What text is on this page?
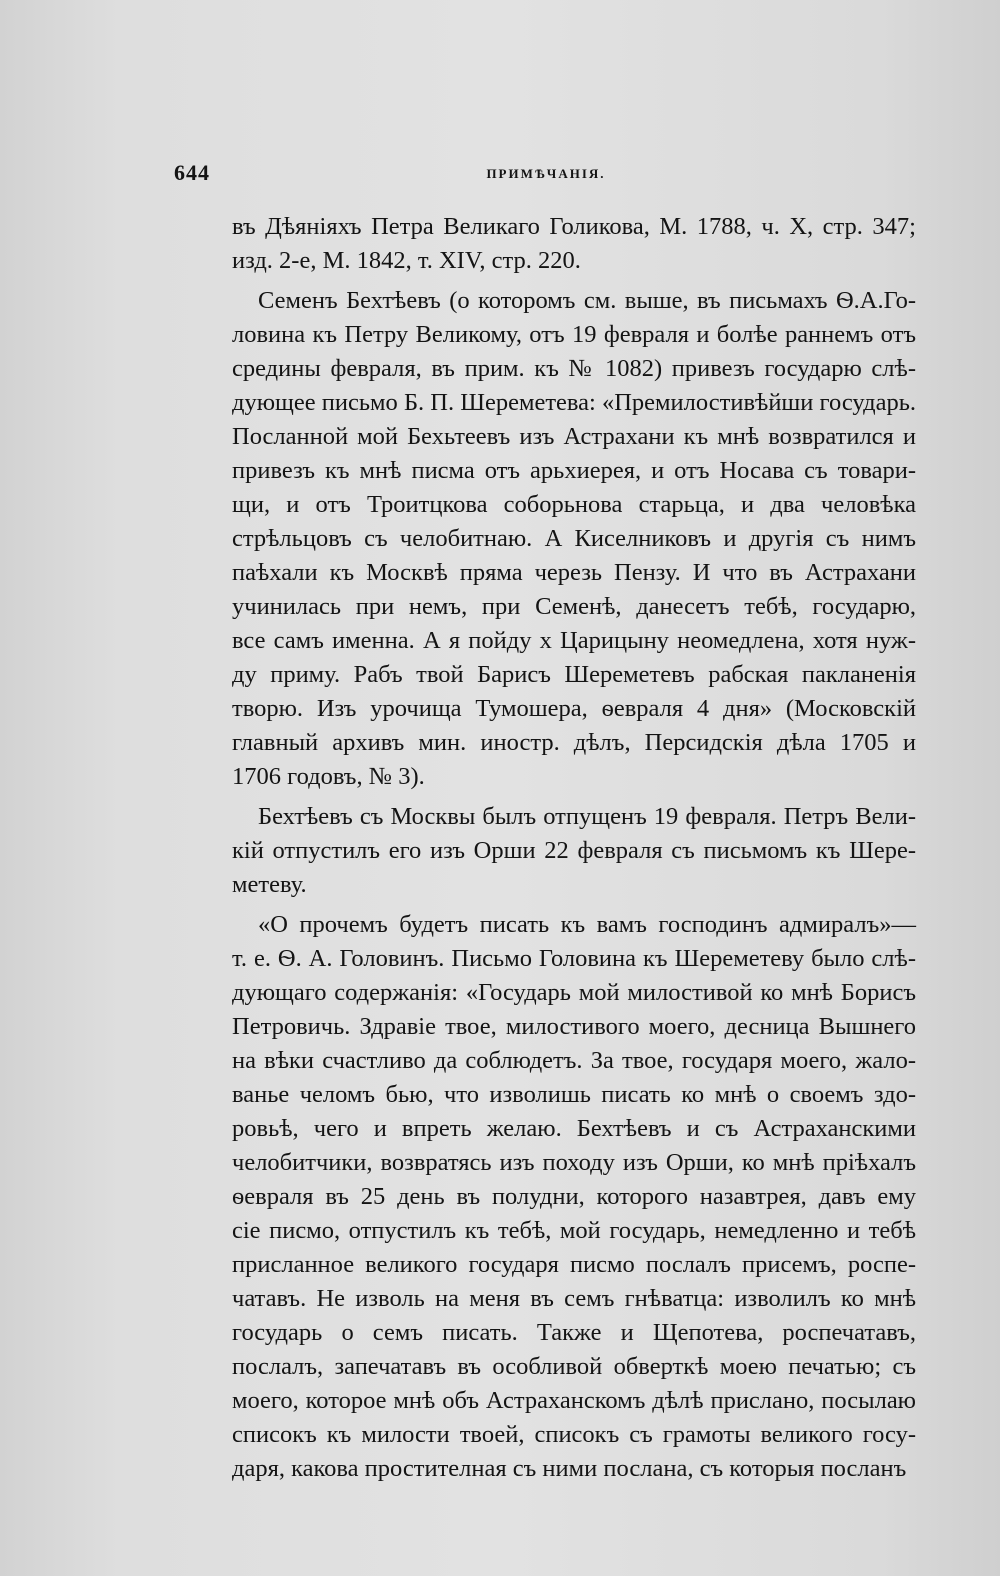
644	ПРИМѢЧАНІЯ.
въ Дѣяніяхъ Петра Великаго Голикова, М. 1788, ч. X, стр. 347;
изд. 2-е, М. 1842, т. XIV, стр. 220.
Семенъ Бехтѣевъ (о которомъ см. выше, въ письмахъ Ѳ.А.Го-
ловина къ Петру Великому, отъ 19 февраля и болѣе раннемъ отъ
средины февраля, въ прим. къ № 1082) привезъ государю слѣ-
дующее письмо Б. П. Шереметева: «Премилостивѣйши государь.
Посланной мой Бехьтеевъ изъ Астрахани къ мнѣ возвратился и
привезъ къ мнѣ писма отъ арьхиерея, и отъ Носава съ товари-
щи, и отъ Троитцкова соборьнова старьца, и два человѣка
стрѣльцовъ съ челобитнаю. А Киселниковъ и другія съ нимъ
паѣхали къ Москвѣ пряма черезь Пензу. И что въ Астрахани
учинилась при немъ, при Семенѣ, данесетъ тебѣ, государю,
все самъ именна. А я пойду х Царицыну неомедлена, хотя нуж-
ду приму. Рабъ твой Барисъ Шереметевъ рабская пакланенія
творю. Изъ урочища Тумошера, ѳевраля 4 дня» (Московскій
главный архивъ мин. иностр. дѣлъ, Персидскія дѣла 1705 и
1706 годовъ, № 3).
Бехтѣевъ съ Москвы былъ отпущенъ 19 февраля. Петръ Вели-
кій отпустилъ его изъ Орши 22 февраля съ письмомъ къ Шере-
метеву.
«О прочемъ будетъ писать къ вамъ господинъ адмиралъ»—
т. е. Ѳ. А. Головинъ. Письмо Головина къ Шереметеву было слѣ-
дующаго содержанія: «Государь мой милостивой ко мнѣ Борисъ
Петровичь. Здравіе твое, милостивого моего, десница Вышнего
на вѣки счастливо да соблюдетъ. За твое, государя моего, жало-
ванье челомъ бью, что изволишь писать ко мнѣ о своемъ здо-
ровьѣ, чего и впреть желаю. Бехтѣевъ и съ Астраханскими
челобитчики, возвратясь изъ походу изъ Орши, ко мнѣ пріѣхалъ
ѳевраля въ 25 день въ полудни, которого назавтрея, давъ ему
сіе писмо, отпустилъ къ тебѣ, мой государь, немедленно и тебѣ
присланное великого государя писмо послалъ присемъ, роспе-
чатавъ. Не изволь на меня въ семъ гнѣватца: изволилъ ко мнѣ
государь о семъ писать. Также и Щепотева, роспечатавъ,
послалъ, запечатавъ въ особливой обверткѣ моею печатью; съ
моего, которое мнѣ объ Астраханскомъ дѣлѣ прислано, посылаю
списокъ къ милости твоей, списокъ съ грамоты великого госу-
даря, какова простителная съ ними послана, съ которыя посланъ
